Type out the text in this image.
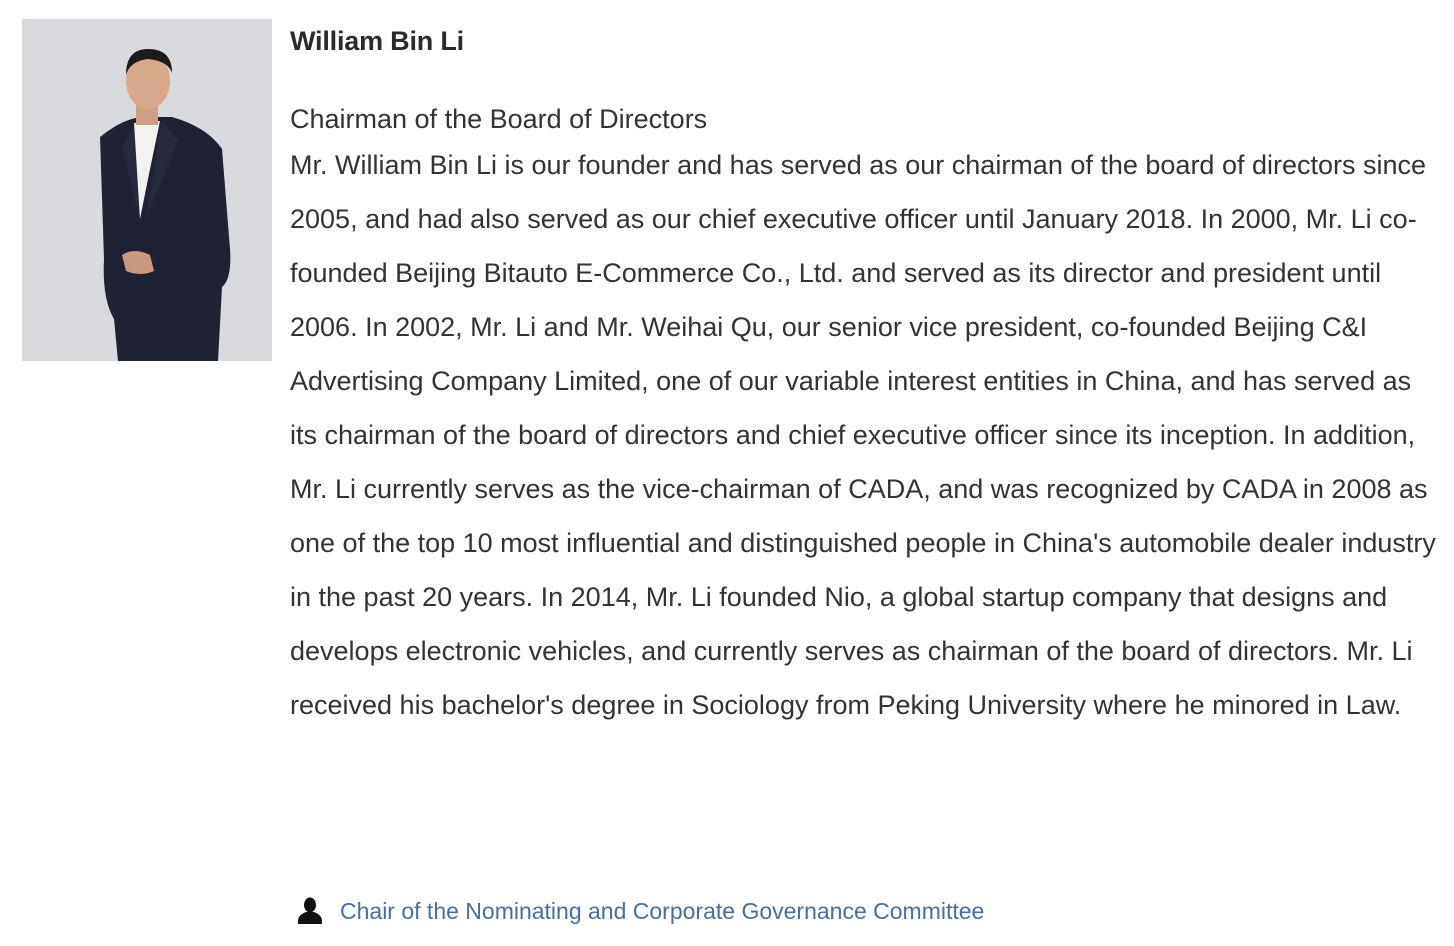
William Bin Li
Chairman of the Board of Directors

Mr. William Bin Li is our founder and has served as our chairman of the board of directors since 2005, and had also served as our chief executive officer until January 2018. In 2000, Mr. Li co-founded Beijing Bitauto E-Commerce Co., Ltd. and served as its director and president until 2006. In 2002, Mr. Li and Mr. Weihai Qu, our senior vice president, co-founded Beijing C&I Advertising Company Limited, one of our variable interest entities in China, and has served as its chairman of the board of directors and chief executive officer since its inception. In addition, Mr. Li currently serves as the vice-chairman of CADA, and was recognized by CADA in 2008 as one of the top 10 most influential and distinguished people in China's automobile dealer industry in the past 20 years. In 2014, Mr. Li founded Nio, a global startup company that designs and develops electronic vehicles, and currently serves as chairman of the board of directors. Mr. Li received his bachelor's degree in Sociology from Peking University where he minored in Law.

Chair of the Nominating and Corporate Governance Committee
